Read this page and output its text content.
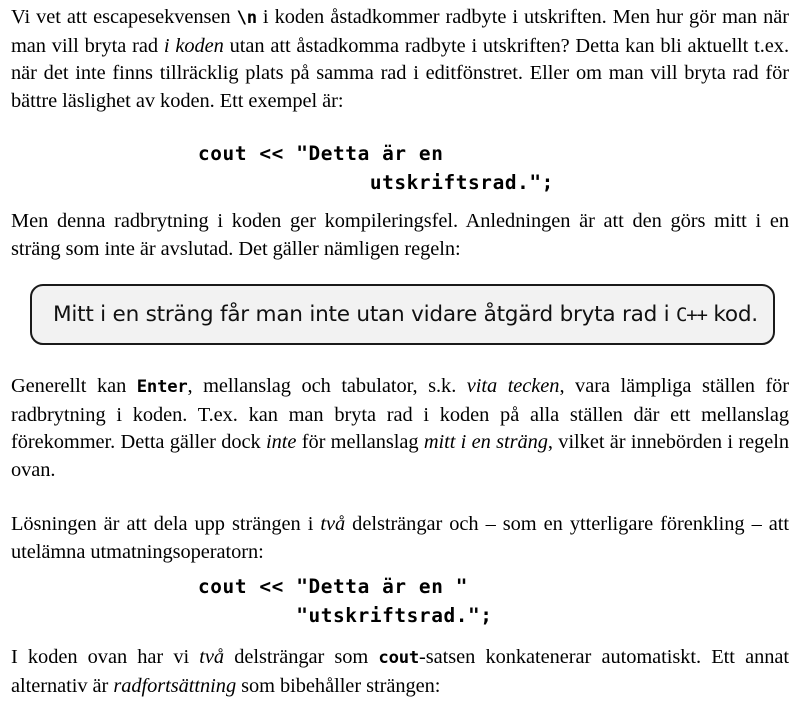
Vi vet att escapesekvensen \n i koden åstadkommer radbyte i utskriften. Men hur gör man när man vill bryta rad i koden utan att åstadkomma radbyte i utskriften? Detta kan bli aktuellt t.ex. när det inte finns tillräcklig plats på samma rad i editfönstret. Eller om man vill bryta rad för bättre läslighet av koden. Ett exempel är:

cout << "Detta är en
utskriftsrad.";

Men denna radbrytning i koden ger kompileringsfel. Anledningen är att den görs mitt i en sträng som inte är avslutad. Det gäller nämligen regeln:

Mitt i en sträng får man inte utan vidare åtgärd bryta rad i C++ kod.

Generellt kan Enter, mellanslag och tabulator, s.k. vita tecken, vara lämpliga ställen för radbrytning i koden. T.ex. kan man bryta rad i koden på alla ställen där ett mellanslag förekommer. Detta gäller dock inte för mellanslag mitt i en sträng, vilket är innebörden i regeln ovan.

Lösningen är att dela upp strängen i två delsträngar och – som en ytterligare förenkling – att utelämna utmatningsoperatorn:

cout << "Detta är en "
"utskriftsrad.";

I koden ovan har vi två delsträngar som cout-satsen konkatenerar automatiskt. Ett annat alternativ är radfortsättning som bibehåller strängen:
